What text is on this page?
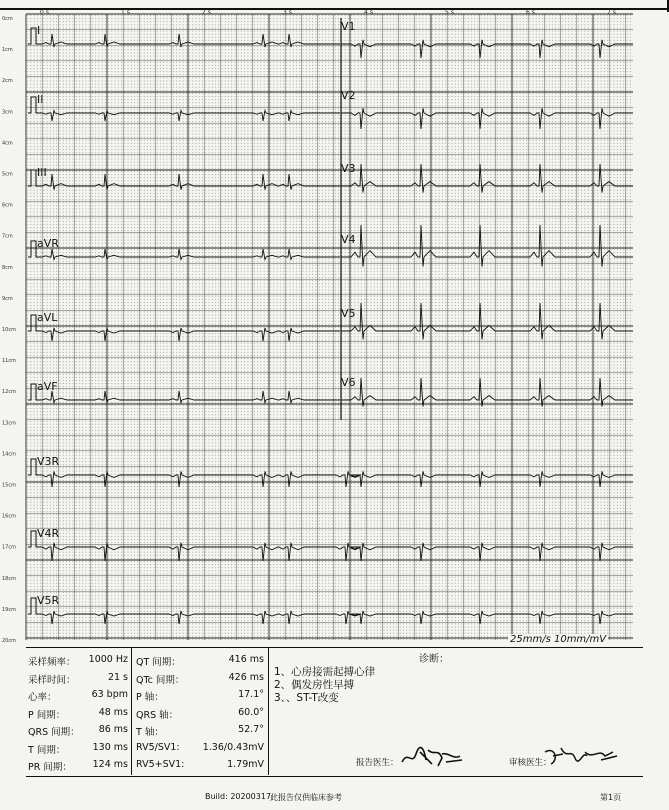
0cm
1cm
2cm
3cm
4cm
5cm
6cm
7cm
8cm
9cm
10cm
11cm
12cm
13cm
14cm
15cm
16cm
17cm
18cm
19cm
20cm
0 s	1 s	2 s	3 s	4 s	5 s	6 s	7 s
I
II
III
aVR
aVL
aVF
V3R
V4R
V5R
V1
V2
V3
V4
V5
V6
25mm/s 10mm/mV
采样频率： 1000 Hz
采样时间：	21 s
心率：	63 bpm
P 间期：	48 ms
QRS 间期： 86 ms
T 间期：	130 ms
PR 间期： 124 ms
QT 间期：	416 ms
QTc 间期：	426 ms
P 轴：	17.1°
QRS 轴：	60.0°
T 轴：	52.7°
RV5/SV1: 1.36/0.43mV
RV5+SV1:	1.79mV
诊断：
1、心房接需起搏心律
2、偶发房性早搏
3、、ST-T改变
报告医生：	审核医生：
Build: 20200317
此报告仅供临床参考	第1页
